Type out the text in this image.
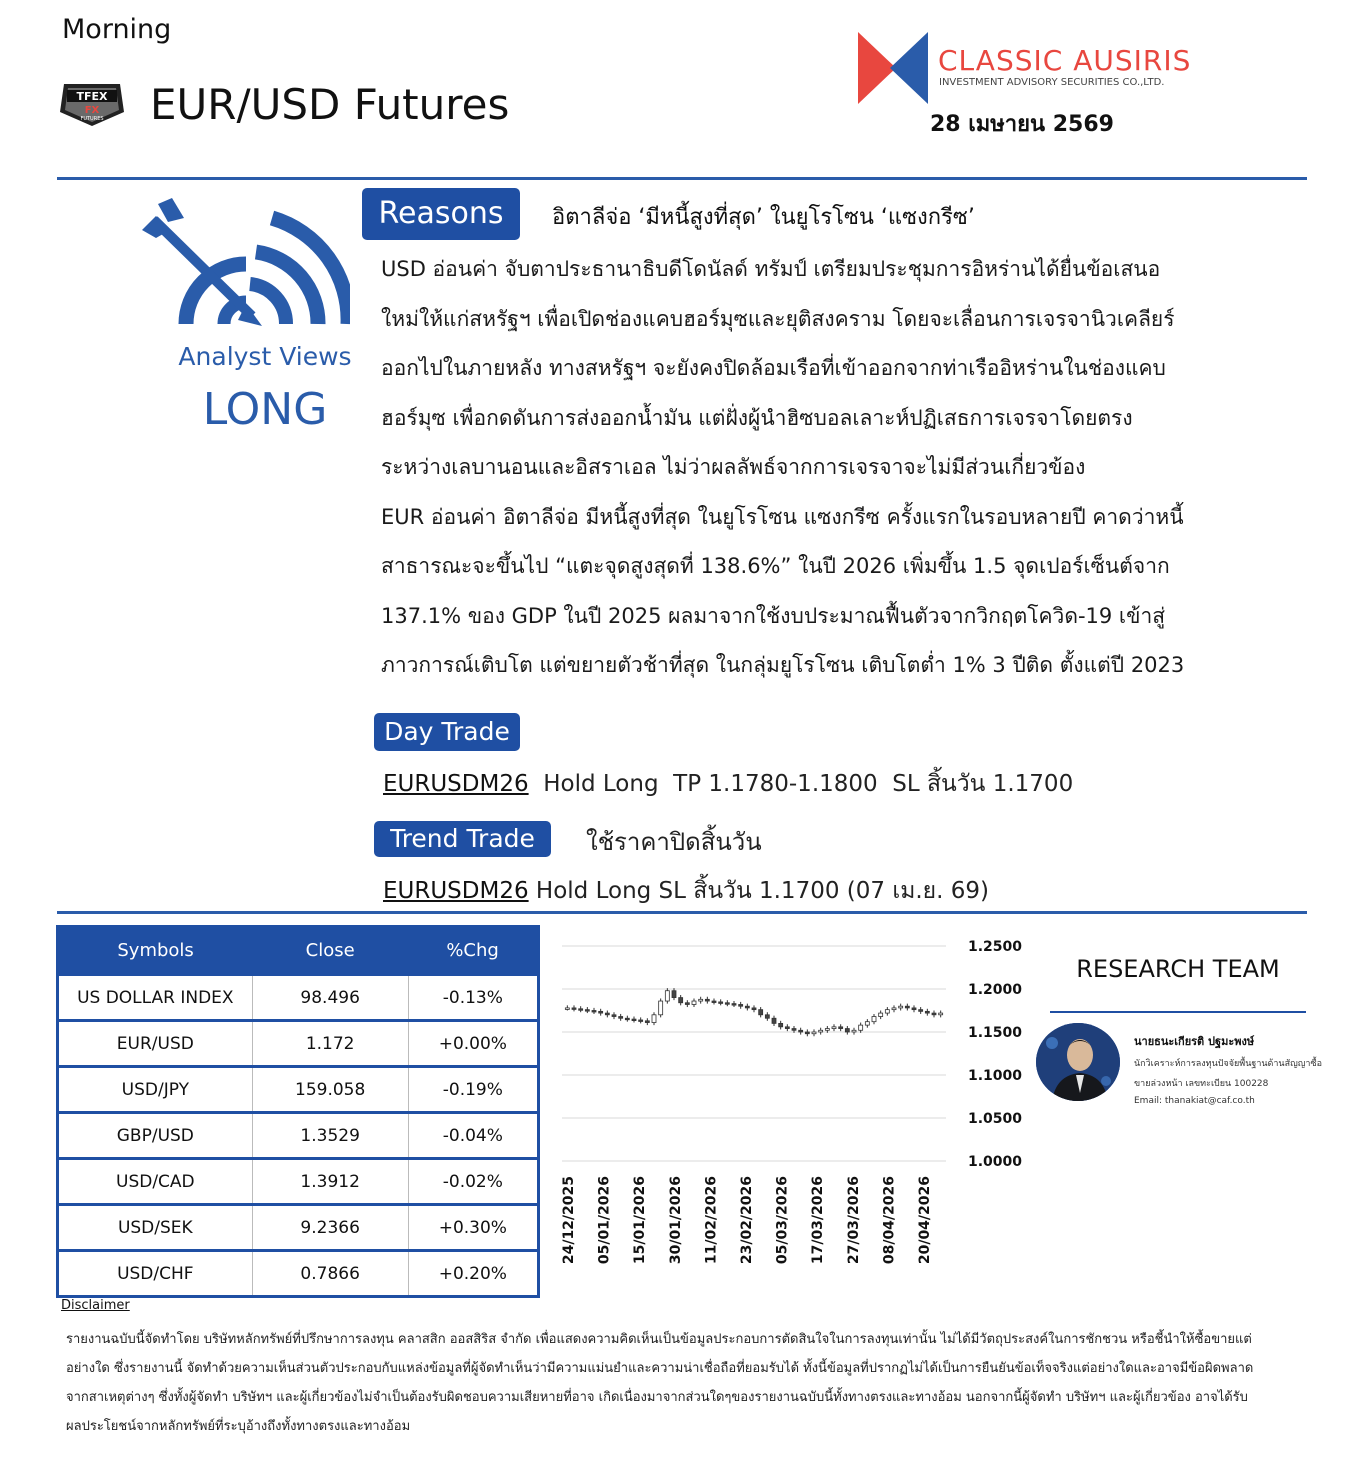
Morning
TFEX
FX
FUTURES EUR/USD Futures
CLASSIC AUSIRIS
INVESTMENT ADVISORY SECURITIES CO.,LTD.
28 เมษายน 2569
Analyst Views
LONG
Reasons	อิตาลีจ่อ ‘มีหนี้สูงที่สุด’ ในยูโรโซน ‘แซงกรีซ’
USD อ่อนค่า จับตาประธานาธิบดีโดนัลด์ ทรัมป์ เตรียมประชุมการอิหร่านได้ยื่นข้อเสนอ
ใหม่ให้แก่สหรัฐฯ เพื่อเปิดช่องแคบฮอร์มุซและยุติสงคราม โดยจะเลื่อนการเจรจานิวเคลียร์
ออกไปในภายหลัง ทางสหรัฐฯ จะยังคงปิดล้อมเรือที่เข้าออกจากท่าเรืออิหร่านในช่องแคบ
ฮอร์มุซ เพื่อกดดันการส่งออกน้ำมัน แต่ฝั่งผู้นำฮิซบอลเลาะห์ปฏิเสธการเจรจาโดยตรง
ระหว่างเลบานอนและอิสราเอล ไม่ว่าผลลัพธ์จากการเจรจาจะไม่มีส่วนเกี่ยวข้อง
EUR อ่อนค่า อิตาลีจ่อ มีหนี้สูงที่สุด ในยูโรโซน แซงกรีซ ครั้งแรกในรอบหลายปี คาดว่าหนี้
สาธารณะจะขึ้นไป “แตะจุดสูงสุดที่ 138.6%” ในปี 2026 เพิ่มขึ้น 1.5 จุดเปอร์เซ็นต์จาก
137.1% ของ GDP ในปี 2025 ผลมาจากใช้งบประมาณฟื้นตัวจากวิกฤตโควิด-19 เข้าสู่
ภาวการณ์เติบโต แต่ขยายตัวช้าที่สุด ในกลุ่มยูโรโซน เติบโตต่ำ 1% 3 ปีติด ตั้งแต่ปี 2023
Day Trade
EURUSDM26  Hold Long  TP 1.1780-1.1800  SL สิ้นวัน 1.1700
Trend Trade	ใช้ราคาปิดสิ้นวัน
EURUSDM26 Hold Long SL สิ้นวัน 1.1700 (07 เม.ย. 69)
Symbols	Close	%Chg
US DOLLAR INDEX	98.496	-0.13%
EUR/USD	1.172	+0.00%
USD/JPY	159.058	-0.19%
GBP/USD	1.3529	-0.04%
USD/CAD	1.3912	-0.02%
USD/SEK	9.2366	+0.30%
USD/CHF	0.7866	+0.20%
1.2500
1.2000
1.1500
1.1000
1.0500
1.0000
24/12/2025 05/01/2026 15/01/2026 30/01/2026 11/02/2026 23/02/2026 05/03/2026 17/03/2026 27/03/2026 08/04/2026 20/04/2026
RESEARCH TEAM
นายธนะเกียรติ ปฐมะพงษ์
นักวิเคราะห์การลงทุนปัจจัยพื้นฐานด้านสัญญาซื้อ
ขายล่วงหน้า เลขทะเบียน 100228
Email: thanakiat@caf.co.th
Disclaimer
รายงานฉบับนี้จัดทำโดย บริษัทหลักทรัพย์ที่ปรึกษาการลงทุน คลาสสิก ออสสิริส จำกัด เพื่อแสดงความคิดเห็นเป็นข้อมูลประกอบการตัดสินใจในการลงทุนเท่านั้น ไม่ได้มีวัตถุประสงค์ในการชักชวน หรือชี้นำให้ซื้อขายแต่
อย่างใด ซึ่งรายงานนี้ จัดทำด้วยความเห็นส่วนตัวประกอบกับแหล่งข้อมูลที่ผู้จัดทำเห็นว่ามีความแม่นยำและความน่าเชื่อถือที่ยอมรับได้ ทั้งนี้ข้อมูลที่ปรากฏไม่ได้เป็นการยืนยันข้อเท็จจริงแต่อย่างใดและอาจมีข้อผิดพลาด
จากสาเหตุต่างๆ ซึ่งทั้งผู้จัดทำ บริษัทฯ และผู้เกี่ยวข้องไม่จำเป็นต้องรับผิดชอบความเสียหายที่อาจ เกิดเนื่องมาจากส่วนใดๆของรายงานฉบับนี้ทั้งทางตรงและทางอ้อม นอกจากนี้ผู้จัดทำ บริษัทฯ และผู้เกี่ยวข้อง อาจได้รับ
ผลประโยชน์จากหลักทรัพย์ที่ระบุอ้างถึงทั้งทางตรงและทางอ้อม
